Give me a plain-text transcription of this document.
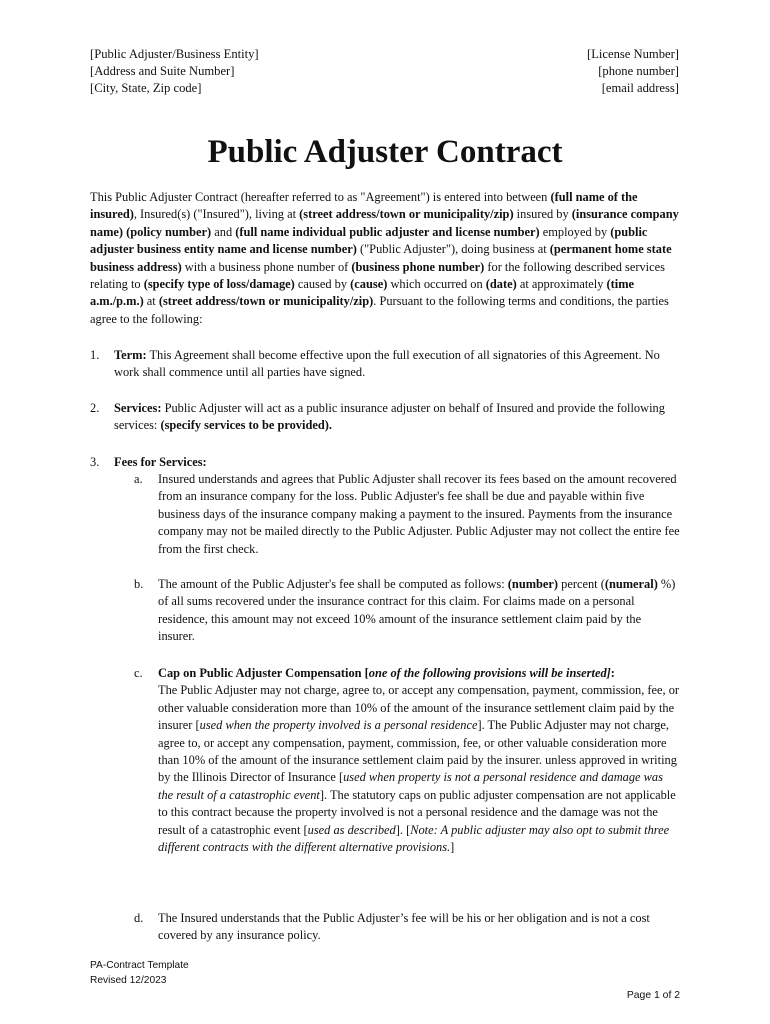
[Public Adjuster/Business Entity]
[Address and Suite Number]
[City, State, Zip code]
[License Number]
[phone number]
[email address]
Public Adjuster Contract
This Public Adjuster Contract (hereafter referred to as "Agreement") is entered into between (full name of the insured), Insured(s) ("Insured"), living at (street address/town or municipality/zip) insured by (insurance company name) (policy number) and (full name individual public adjuster and license number) employed by (public adjuster business entity name and license number) ("Public Adjuster"), doing business at (permanent home state business address) with a business phone number of (business phone number) for the following described services relating to (specify type of loss/damage) caused by (cause) which occurred on (date) at approximately (time a.m./p.m.) at (street address/town or municipality/zip). Pursuant to the following terms and conditions, the parties agree to the following:
1. Term: This Agreement shall become effective upon the full execution of all signatories of this Agreement. No work shall commence until all parties have signed.
2. Services: Public Adjuster will act as a public insurance adjuster on behalf of Insured and provide the following services: (specify services to be provided).
3. Fees for Services:
a.	Insured understands and agrees that Public Adjuster shall recover its fees based on the amount recovered from an insurance company for the loss. Public Adjuster's fee shall be due and payable within five business days of the insurance company making a payment to the insured. Payments from the insurance company may not be mailed directly to the Public Adjuster. Public Adjuster may not collect the entire fee from the first check.
b.	The amount of the Public Adjuster's fee shall be computed as follows: (number) percent ((numeral) %) of all sums recovered under the insurance contract for this claim. For claims made on a personal residence, this amount may not exceed 10% amount of the insurance settlement claim paid by the insurer.
c.	Cap on Public Adjuster Compensation [one of the following provisions will be inserted]:
The Public Adjuster may not charge, agree to, or accept any compensation, payment, commission, fee, or other valuable consideration more than 10% of the amount of the insurance settlement claim paid by the insurer [used when the property involved is a personal residence]. The Public Adjuster may not charge, agree to, or accept any compensation, payment, commission, fee, or other valuable consideration more than 10% of the amount of the insurance settlement claim paid by the insurer. unless approved in writing by the Illinois Director of Insurance [used when property is not a personal residence and damage was the result of a catastrophic event]. The statutory caps on public adjuster compensation are not applicable to this contract because the property involved is not a personal residence and the damage was not the result of a catastrophic event [used as described]. [Note: A public adjuster may also opt to submit three different contracts with the different alternative provisions.]
d.	The Insured understands that the Public Adjuster’s fee will be his or her obligation and is not a cost covered by any insurance policy.
PA-Contract Template
Revised 12/2023
Page 1 of 2
